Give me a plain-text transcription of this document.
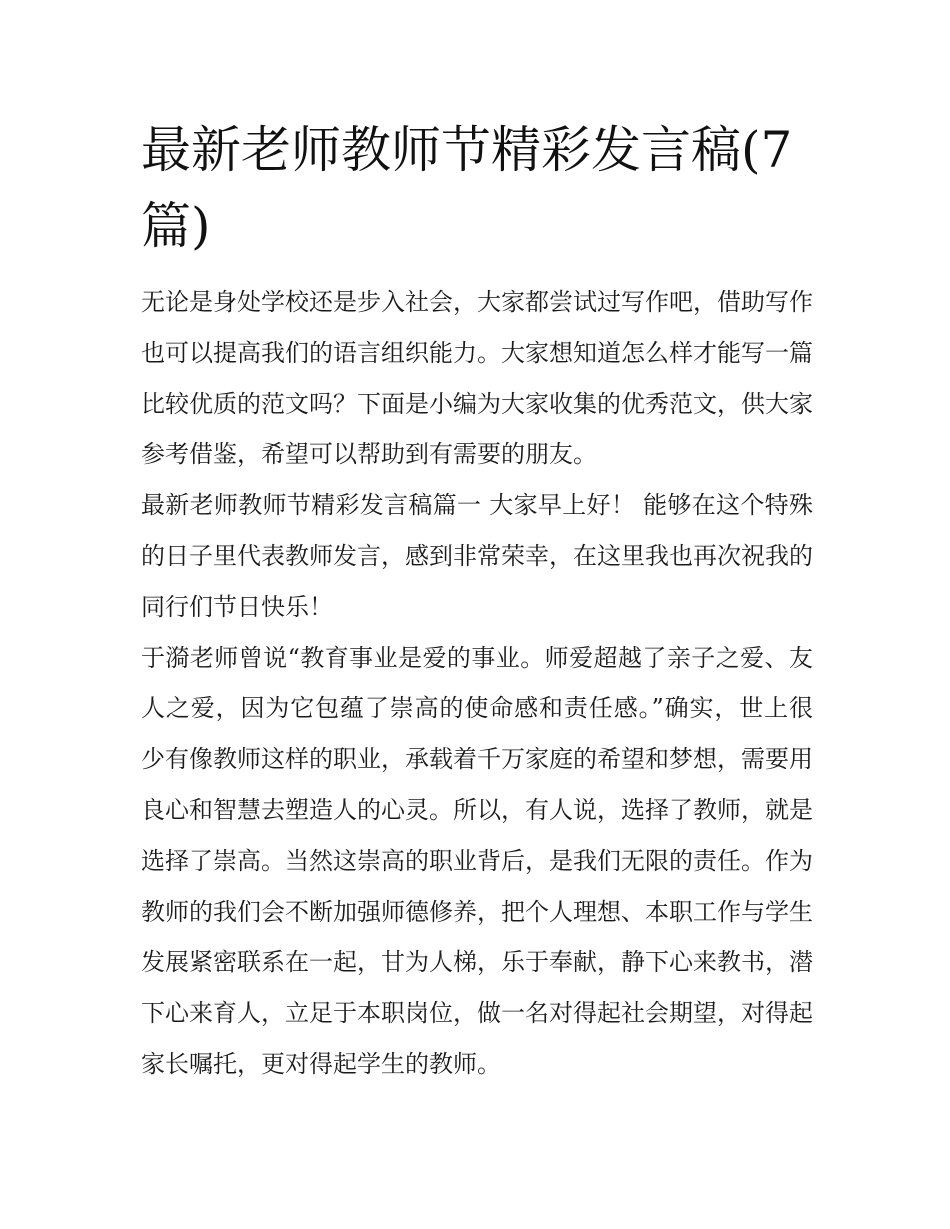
最新老师教师节精彩发言稿(7篇)

无论是身处学校还是步入社会，大家都尝试过写作吧，借助写作也可以提高我们的语言组织能力。大家想知道怎么样才能写一篇比较优质的范文吗？下面是小编为大家收集的优秀范文，供大家参考借鉴，希望可以帮助到有需要的朋友。

最新老师教师节精彩发言稿篇一 大家早上好！ 能够在这个特殊的日子里代表教师发言，感到非常荣幸，在这里我也再次祝我的同行们节日快乐！

于漪老师曾说“教育事业是爱的事业。师爱超越了亲子之爱、友人之爱，因为它包蕴了崇高的使命感和责任感。”确实，世上很少有像教师这样的职业，承载着千万家庭的希望和梦想，需要用良心和智慧去塑造人的心灵。所以，有人说，选择了教师，就是选择了崇高。当然这崇高的职业背后，是我们无限的责任。作为教师的我们会不断加强师德修养，把个人理想、本职工作与学生发展紧密联系在一起，甘为人梯，乐于奉献，静下心来教书，潜下心来育人，立足于本职岗位，做一名对得起社会期望，对得起家长嘱托，更对得起学生的教师。
